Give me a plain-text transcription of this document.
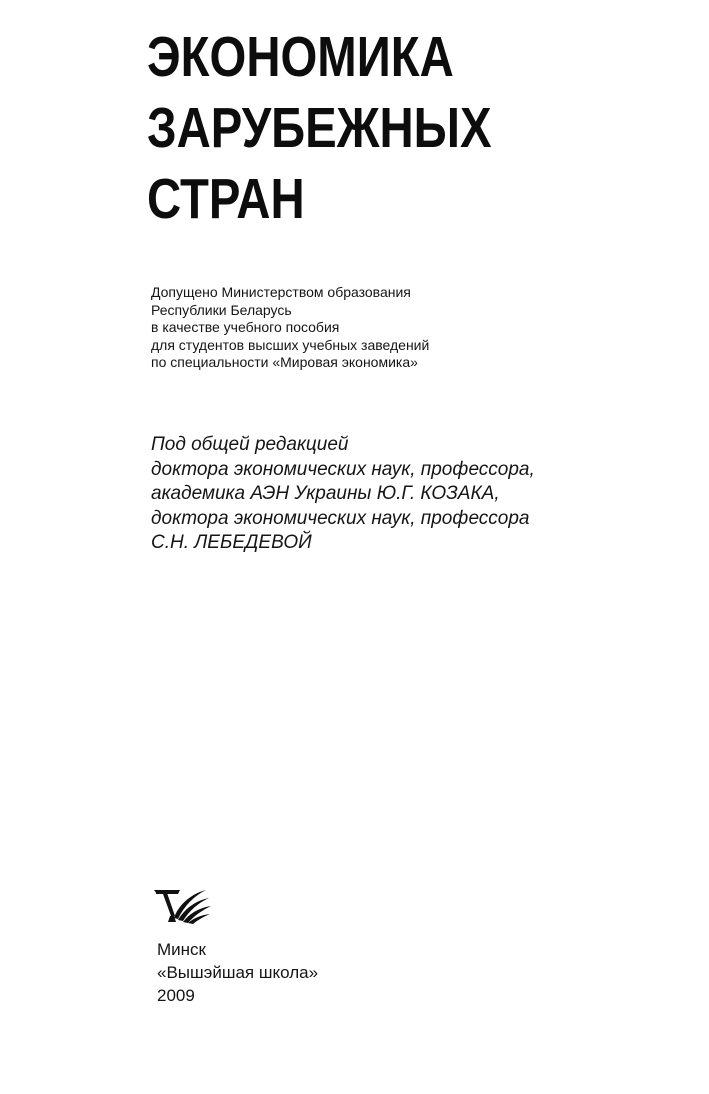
ЭКОНОМИКА
ЗАРУБЕЖНЫХ
СТРАН
Допущено Министерством образования
Республики Беларусь
в качестве учебного пособия
для студентов высших учебных заведений
по специальности «Мировая экономика»
Под общей редакцией
доктора экономических наук, профессора,
академика АЭН Украины Ю.Г. КОЗАКА,
доктора экономических наук, профессора
С.Н. ЛЕБЕДЕВОЙ
Минск
«Вышэйшая школа»
2009
